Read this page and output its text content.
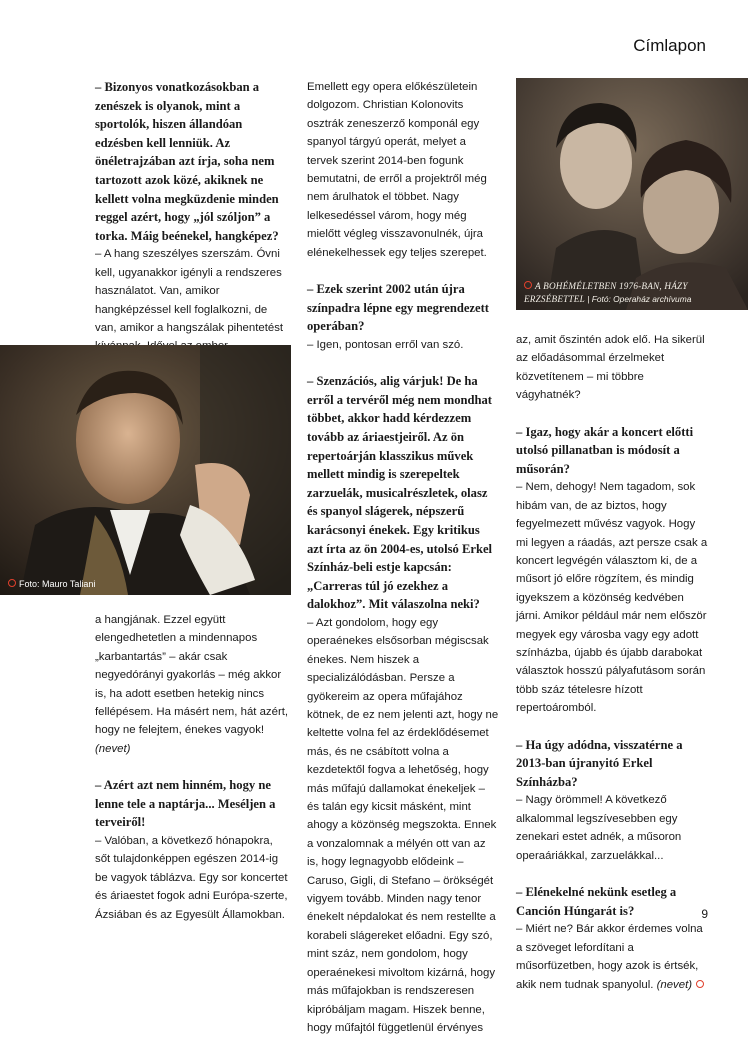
Címlapon

– Bizonyos vonatkozásokban a zenészek is olyanok, mint a sportolók, hiszen állandóan edzésben kell lenniük. Az önéletrajzában azt írja, soha nem tartozott azok közé, akiknek ne kellett volna megküzdenie minden reggel azért, hogy „jól szóljon” a torka. Máig beénekel, hangképez?

– A hang szeszélyes szerszám. Óvni kell, ugyanakkor igényli a rendszeres használatot. Van, amikor hangképzéssel kell foglalkozni, de van, amikor a hangszálak pihentetést

Foto: Mauro Taliani

a hangjának. Ezzel együtt elengedhetetlen a mindennapos „karbantartás” – akár csak negyedórányi gyakorlás – még akkor is, ha adott esetben hetekig nincs fellépésem. Ha másért nem, hát azért, hogy ne felejtem, énekes vagyok! (nevet)

– Azért azt nem hinném, hogy ne lenne tele a naptárja... Meséljen a terveiről!

– Valóban, a következő hónapokra, sőt tulajdonképpen egészen 2014-ig be vagyok táblázva. Egy sor koncertet és áriaestet fogok adni Európa-szerte, Ázsiában és az Egyesült Államokban.

Emellett egy opera előkészületein dolgozom. Christian Kolonovits osztrák zeneszerző komponál egy spanyol tárgyú operát, melyet a tervek szerint 2014-ben fogunk bemutatni, de erről a projektről még nem árulhatok el többet. Nagy lelkesedéssel várom, hogy még mielőtt végleg visszavonulnék, újra elénekelhessek egy teljes szerepet.

– Ezek szerint 2002 után újra színpadra lépne egy megrendezett operában?

– Igen, pontosan erről van szó.

– Szenzációs, alig várjuk! De ha erről a tervéről még nem mondhat többet, akkor hadd kérdezzem tovább az áriaestjeiről. Az ön repertoárján klasszikus művek mellett mindig is szerepeltek zarzuelák, musicalrészletek, olasz és spanyol slágerek, népszerű karácsonyi énekek. Egy kritikus azt írta az ön 2004-es, utolsó Erkel Színház-beli estje kapcsán: „Carreras túl jó ezekhez a dalokhoz”. Mit válaszolna neki?

– Azt gondolom, hogy egy operaénekes elsősorban mégiscsak énekes. Nem hiszek a specializálódásban. Persze a gyökereim az opera műfajához kötnek, de ez nem jelenti azt, hogy ne keltette volna fel az érdeklődésemet más, és ne csábított volna a kezdetektől fogva a lehetőség, hogy más műfajú dallamokat énekeljek – és talán egy kicsit másként, mint ahogy a közönség megszokta. Ennek a vonzalomnak a mélyén ott van az is, hogy legnagyobb elődeink – Caruso, Gigli, di Stefano – örökségét vigyem tovább. Minden nagy tenor énekelt népdalokat és nem restellte a korabeli slágereket előadni. Egy szó, mint száz, nem gondolom, hogy operaénekesi mivoltom kizárná, hogy más műfajokban is rendszeresen kipróbáljam magam. Hiszek benne, hogy műfajtól függetlenül érvényes

A BOHÉMÉLETBEN 1976-BAN, HÁZY ERZSÉBETTEL | Fotó: Operaház archívuma

az, amit őszintén adok elő. Ha sikerül az előadásommal érzelmeket közvetítenem – mi többre vágyhatnék?

– Igaz, hogy akár a koncert előtti utolsó pillanatban is módosít a műsorán?

– Nem, dehogy! Nem tagadom, sok hibám van, de az biztos, hogy fegyelmezett művész vagyok. Hogy mi legyen a ráadás, azt persze csak a koncert legvégén választom ki, de a műsort jó előre rögzítem, és mindig igyekszem a közönség kedvében járni. Amikor például már nem először megyek egy városba vagy egy adott színházba, újabb és újabb darabokat választok hosszú pályafutásom során több száz tételesre hízott repertoáromból.

– Ha úgy adódna, visszatérne a 2013-ban újranyitó Erkel Színházba?

– Nagy örömmel! A következő alkalommal legszívesebben egy zenekari estet adnék, a műsoron operaáriákkal, zarzuelákkal...

– Elénekelné nekünk esetleg a Canción Húngarát is?

– Miért ne? Bár akkor érdemes volna a szöveget lefordítani a műsorfüzetben, hogy azok is értsék, akik nem tudnak spanyolul. (nevet)

9
